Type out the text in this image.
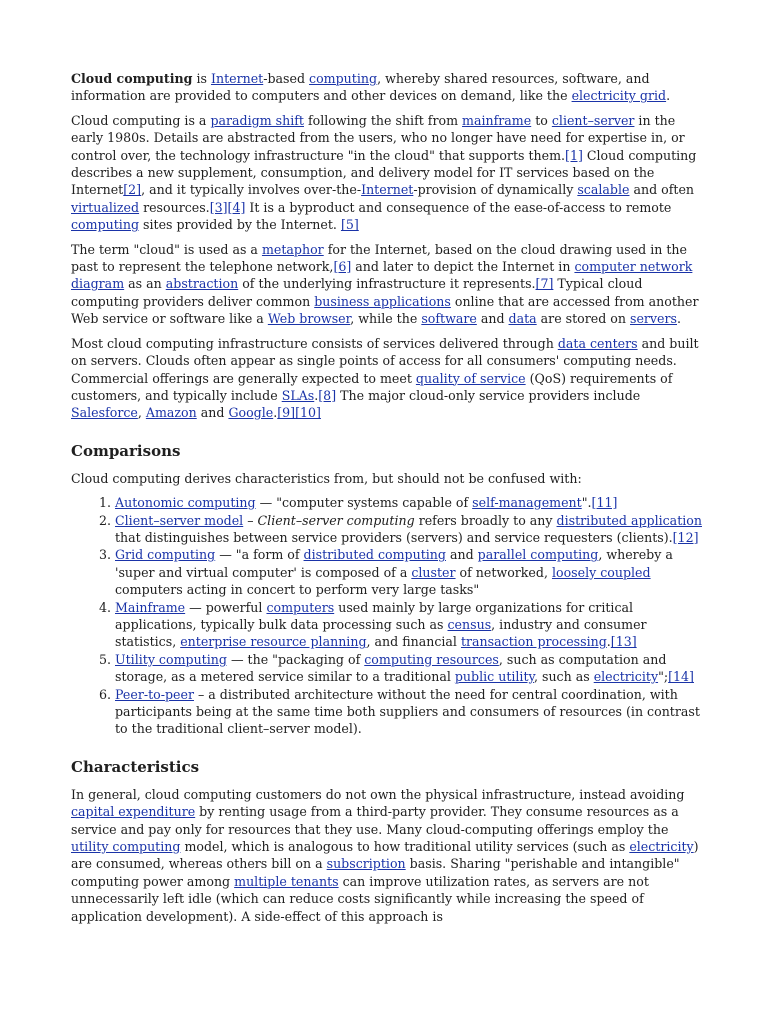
Cloud computing is Internet-based computing, whereby shared resources, software, and information are provided to computers and other devices on demand, like the electricity grid.

Cloud computing is a paradigm shift following the shift from mainframe to client–server in the early 1980s. Details are abstracted from the users, who no longer have need for expertise in, or control over, the technology infrastructure "in the cloud" that supports them.[1] Cloud computing describes a new supplement, consumption, and delivery model for IT services based on the Internet[2], and it typically involves over-the-Internet-provision of dynamically scalable and often virtualized resources.[3][4] It is a byproduct and consequence of the ease-of-access to remote computing sites provided by the Internet. [5]

The term "cloud" is used as a metaphor for the Internet, based on the cloud drawing used in the past to represent the telephone network,[6] and later to depict the Internet in computer network diagram as an abstraction of the underlying infrastructure it represents.[7] Typical cloud computing providers deliver common business applications online that are accessed from another Web service or software like a Web browser, while the software and data are stored on servers.

Most cloud computing infrastructure consists of services delivered through data centers and built on servers. Clouds often appear as single points of access for all consumers' computing needs. Commercial offerings are generally expected to meet quality of service (QoS) requirements of customers, and typically include SLAs.[8] The major cloud-only service providers include Salesforce, Amazon and Google.[9][10]

Comparisons

Cloud computing derives characteristics from, but should not be confused with:

1. Autonomic computing — "computer systems capable of self-management".[11]
2. Client–server model – Client–server computing refers broadly to any distributed application that distinguishes between service providers (servers) and service requesters (clients).[12]
3. Grid computing — "a form of distributed computing and parallel computing, whereby a 'super and virtual computer' is composed of a cluster of networked, loosely coupled computers acting in concert to perform very large tasks"
4. Mainframe — powerful computers used mainly by large organizations for critical applications, typically bulk data processing such as census, industry and consumer statistics, enterprise resource planning, and financial transaction processing.[13]
5. Utility computing — the "packaging of computing resources, such as computation and storage, as a metered service similar to a traditional public utility, such as electricity";[14]
6. Peer-to-peer – a distributed architecture without the need for central coordination, with participants being at the same time both suppliers and consumers of resources (in contrast to the traditional client–server model).
Characteristics

In general, cloud computing customers do not own the physical infrastructure, instead avoiding capital expenditure by renting usage from a third-party provider. They consume resources as a service and pay only for resources that they use. Many cloud-computing offerings employ the utility computing model, which is analogous to how traditional utility services (such as electricity) are consumed, whereas others bill on a subscription basis. Sharing "perishable and intangible" computing power among multiple tenants can improve utilization rates, as servers are not unnecessarily left idle (which can reduce costs significantly while increasing the speed of application development). A side-effect of this approach is
